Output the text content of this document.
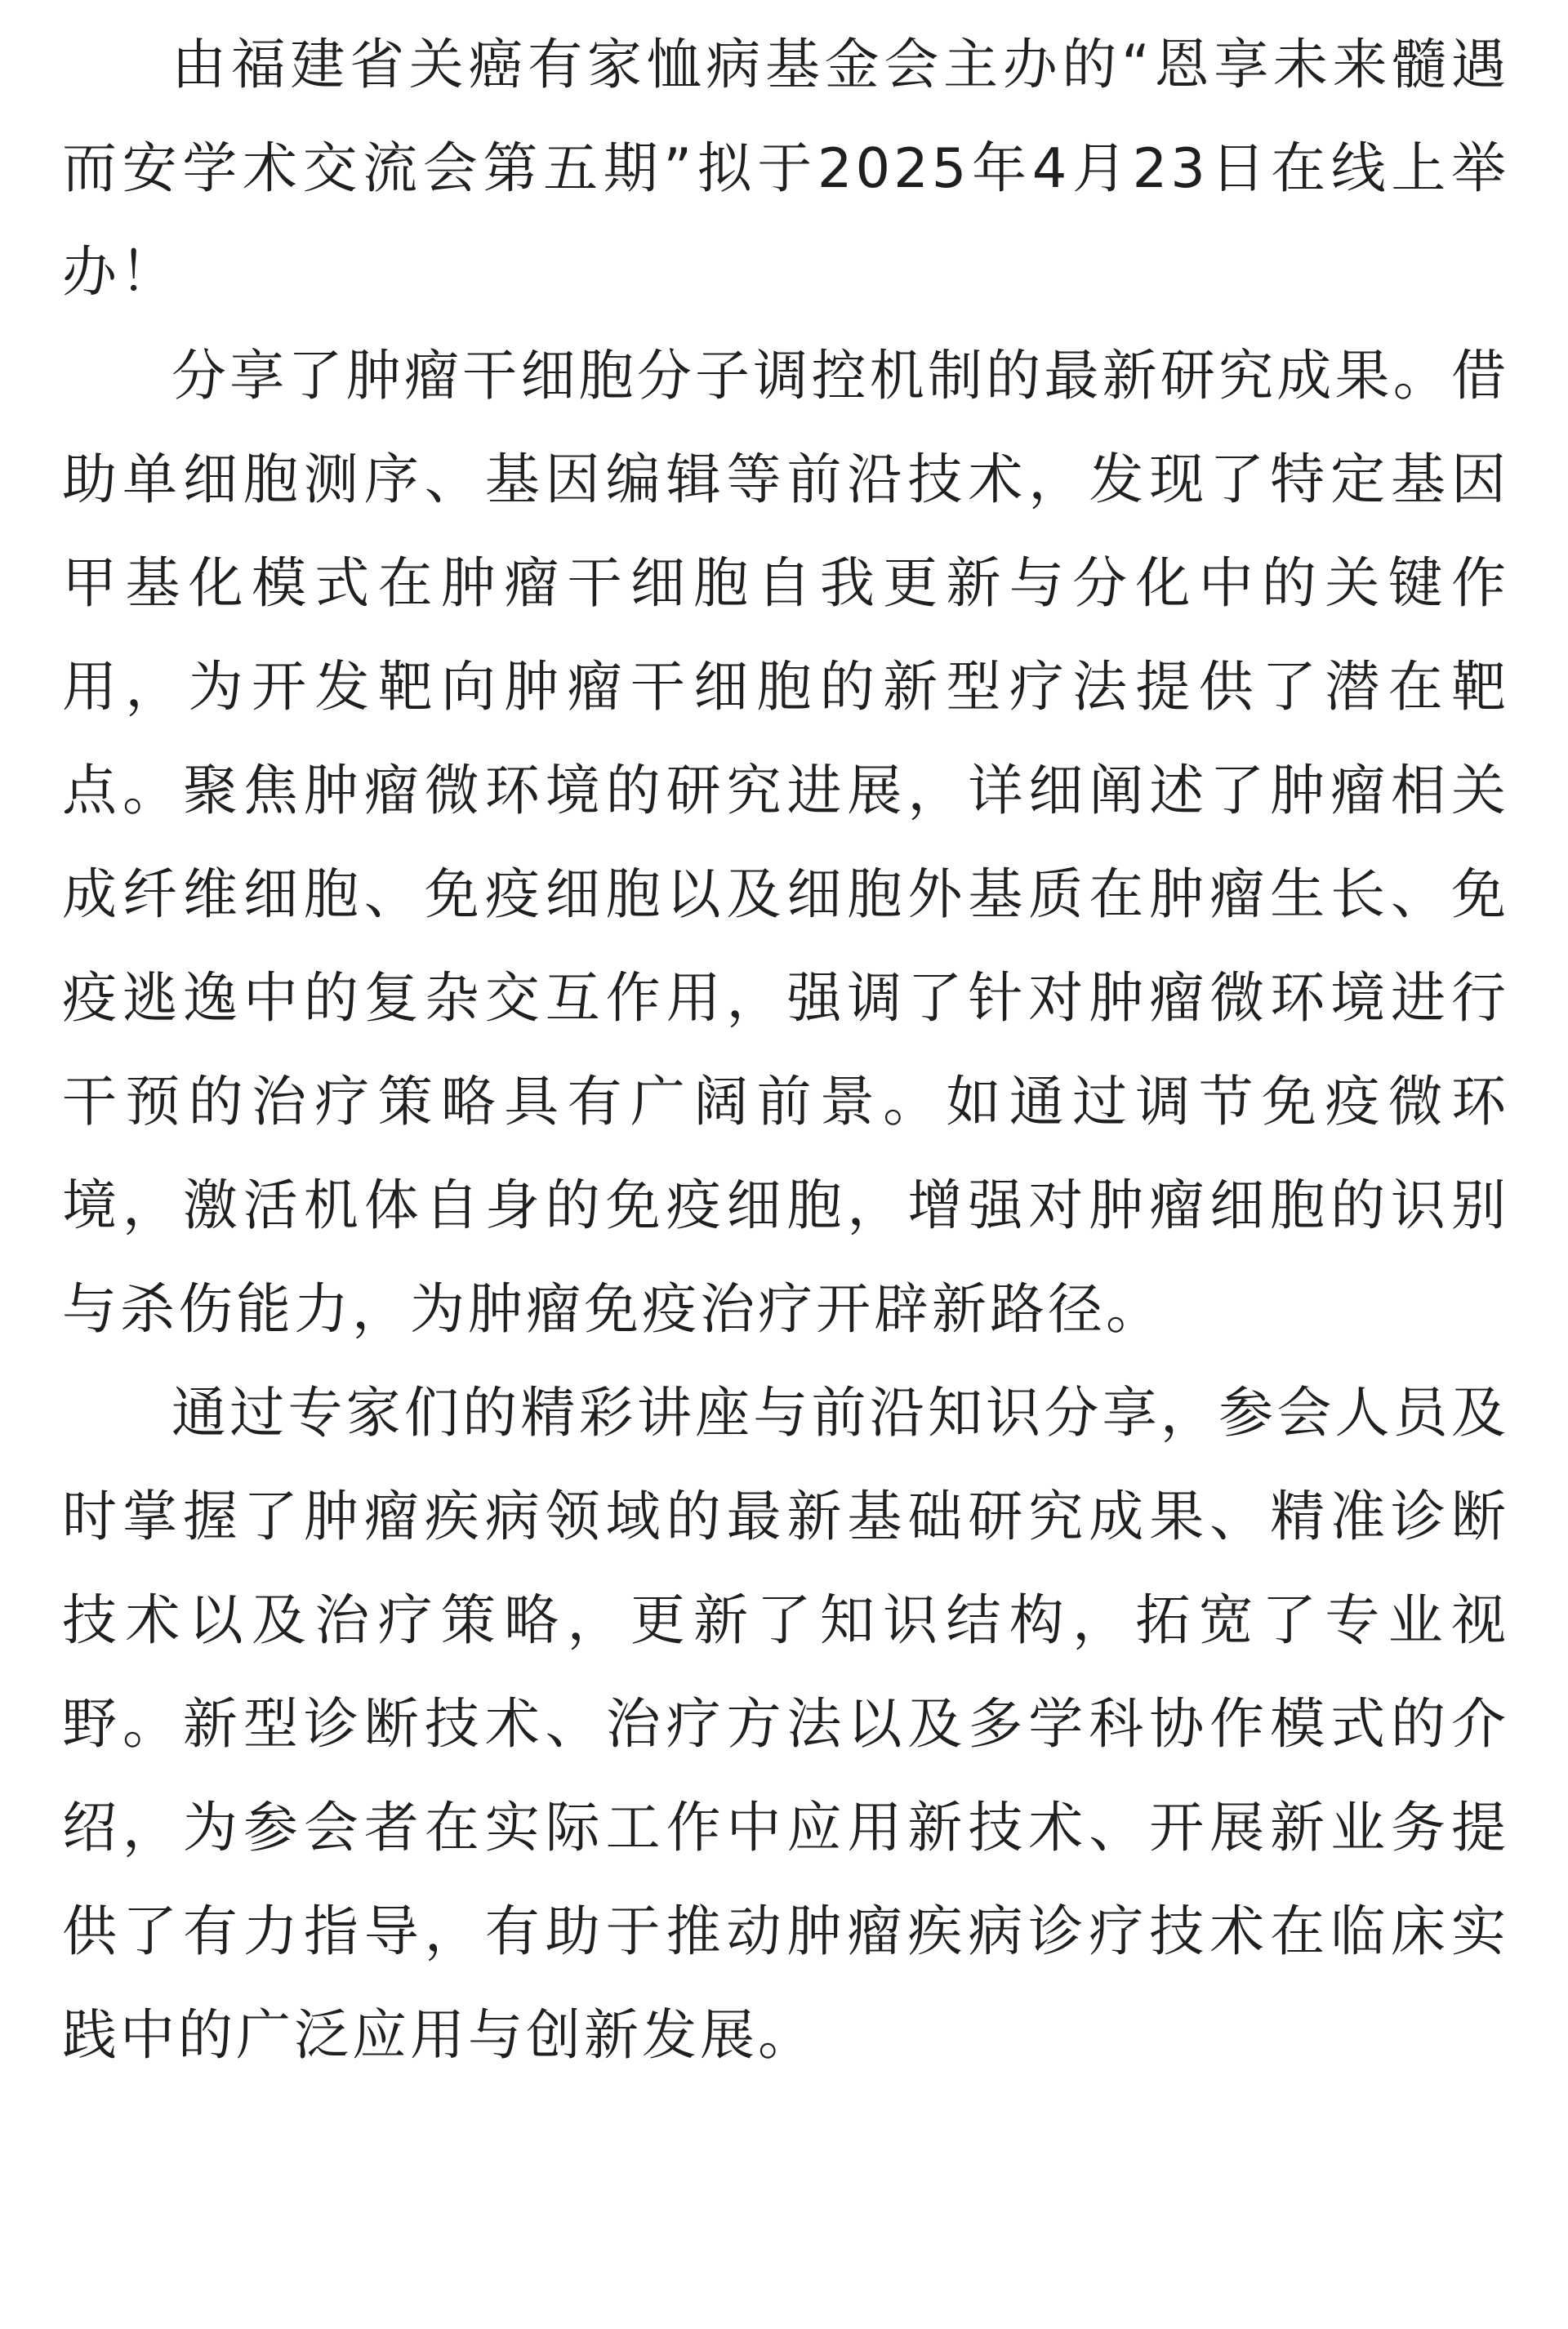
由福建省关癌有家恤病基金会主办的“恩享未来髓遇而安学术交流会第五期”拟于2025年4月23日在线上举办！

分享了肿瘤干细胞分子调控机制的最新研究成果。借助单细胞测序、基因编辑等前沿技术，发现了特定基因甲基化模式在肿瘤干细胞自我更新与分化中的关键作用，为开发靶向肿瘤干细胞的新型疗法提供了潜在靶点。聚焦肿瘤微环境的研究进展，详细阐述了肿瘤相关成纤维细胞、免疫细胞以及细胞外基质在肿瘤生长、免疫逃逸中的复杂交互作用，强调了针对肿瘤微环境进行干预的治疗策略具有广阔前景。如通过调节免疫微环境，激活机体自身的免疫细胞，增强对肿瘤细胞的识别与杀伤能力，为肿瘤免疫治疗开辟新路径。

通过专家们的精彩讲座与前沿知识分享，参会人员及时掌握了肿瘤疾病领域的最新基础研究成果、精准诊断技术以及治疗策略，更新了知识结构，拓宽了专业视野。新型诊断技术、治疗方法以及多学科协作模式的介绍，为参会者在实际工作中应用新技术、开展新业务提供了有力指导，有助于推动肿瘤疾病诊疗技术在临床实践中的广泛应用与创新发展。
